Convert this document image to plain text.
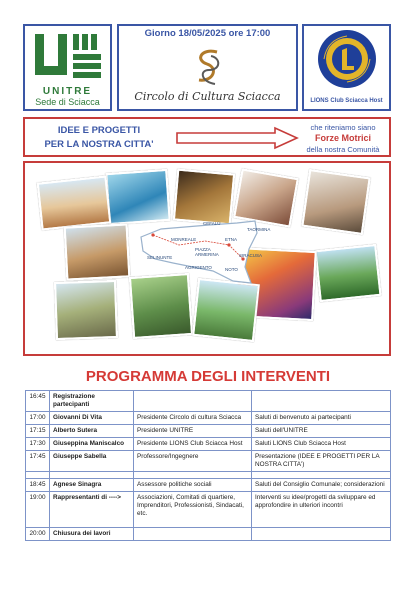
UNITRE
Sede di Sciacca
Giorno 18/05/2025 ore 17:00
Circolo di Cultura Sciacca	LIONS Club Sciacca Host
IDEE E PROGETTI
PER LA NOSTRA CITTA'
che riteniamo siano
Forze Motrici
della nostra Comunità
CEFALÙ
TAORMINA
MONREALE	ETNA
PIAZZA ARMERINA
SELINUNTE
AGRIGENTO	NOTO
SIRACUSA
PROGRAMMA DEGLI INTERVENTI
16:45	Registrazione partecipanti		
17:00	Giovanni Di Vita	Presidente Circolo di cultura Sciacca	Saluti di benvenuto ai partecipanti
17:15	Alberto Sutera	Presidente UNITRE	Saluti dell'UNITRE
17:30	Giuseppina Maniscalco	Presidente LIONS Club Sciacca Host	Saluti LIONS Club Sciacca Host
17:45	Giuseppe Sabella	Professore/Ingegnere	Presentazione (IDEE E PROGETTI PER LA NOSTRA CITTA')

18:45	Agnese Sinagra	Assessore politiche sociali	Saluti del Consiglio Comunale; considerazioni
19:00	Rappresentanti di ---->	Associazioni, Comitati di quartiere, Imprenditori, Professionisti, Sindacati, etc.	Interventi su idee/progetti da sviluppare ed approfondire in ulteriori incontri
20:00	Chiusura dei lavori		
